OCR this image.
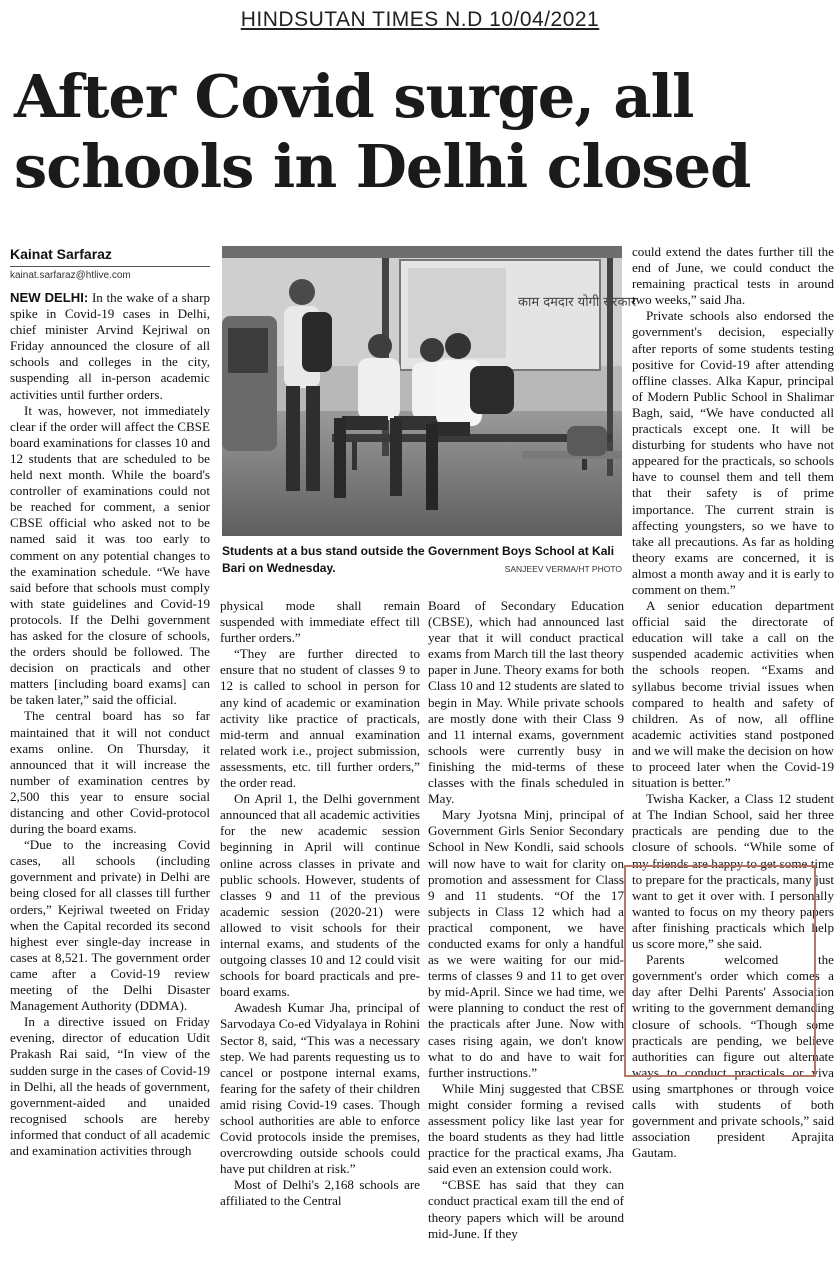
HINDSUTAN TIMES N.D 10/04/2021
After Covid surge, all schools in Delhi closed
Kainat Sarfaraz
kainat.sarfaraz@htlive.com

NEW DELHI: In the wake of a sharp spike in Covid-19 cases in Delhi, chief minister Arvind Kejriwal on Friday announced the closure of all schools and colleges in the city, suspending all in-person academic activities until further orders.

It was, however, not immediately clear if the order will affect the CBSE board examinations for classes 10 and 12 students that are scheduled to be held next month. While the board's controller of examinations could not be reached for comment, a senior CBSE official who asked not to be named said it was too early to comment on any potential changes to the examination schedule. “We have said before that schools must comply with state guidelines and Covid-19 protocols. If the Delhi government has asked for the closure of schools, the orders should be followed. The decision on practicals and other matters [including board exams] can be taken later,” said the official.

The central board has so far maintained that it will not conduct exams online. On Thursday, it announced that it will increase the number of examination centres by 2,500 this year to ensure social distancing and other Covid-protocol during the board exams.

“Due to the increasing Covid cases, all schools (including government and private) in Delhi are being closed for all classes till further orders,” Kejriwal tweeted on Friday when the Capital recorded its second highest ever single-day increase in cases at 8,521. The government order came after a Covid-19 review meeting of the Delhi Disaster Management Authority (DDMA).

In a directive issued on Friday evening, director of education Udit Prakash Rai said, “In view of the sudden surge in the cases of Covid-19 in Delhi, all the heads of government, government-aided and unaided recognised schools are hereby informed that conduct of all academic and examination activities through

काम दमदार योगी सरकार
Students at a bus stand outside the Government Boys School at Kali Bari on Wednesday.	SANJEEV VERMA/HT PHOTO

physical mode shall remain suspended with immediate effect till further orders.”

“They are further directed to ensure that no student of classes 9 to 12 is called to school in person for any kind of academic or examination activity like practice of practicals, mid-term and annual examination related work i.e., project submission, assessments, etc. till further orders,” the order read.

On April 1, the Delhi government announced that all academic activities for the new academic session beginning in April will continue online across classes in private and public schools. However, students of classes 9 and 11 of the previous academic session (2020-21) were allowed to visit schools for their internal exams, and students of the outgoing classes 10 and 12 could visit schools for board practicals and pre-board exams.

Awadesh Kumar Jha, principal of Sarvodaya Co-ed Vidyalaya in Rohini Sector 8, said, “This was a necessary step. We had parents requesting us to cancel or postpone internal exams, fearing for the safety of their children amid rising Covid-19 cases. Though school authorities are able to enforce Covid protocols inside the premises, overcrowding outside schools could have put children at risk.”

Most of Delhi's 2,168 schools are affiliated to the Central

Board of Secondary Education (CBSE), which had announced last year that it will conduct practical exams from March till the last theory paper in June. Theory exams for both Class 10 and 12 students are slated to begin in May. While private schools are mostly done with their Class 9 and 11 internal exams, government schools were currently busy in finishing the mid-terms of these classes with the finals scheduled in May.

Mary Jyotsna Minj, principal of Government Girls Senior Secondary School in New Kondli, said schools will now have to wait for clarity on promotion and assessment for Class 9 and 11 students. “Of the 17 subjects in Class 12 which had a practical component, we have conducted exams for only a handful as we were waiting for our mid-terms of classes 9 and 11 to get over by mid-April. Since we had time, we were planning to conduct the rest of the practicals after June. Now with cases rising again, we don't know what to do and have to wait for further instructions.”

While Minj suggested that CBSE might consider forming a revised assessment policy like last year for the board students as they had little practice for the practical exams, Jha said even an extension could work.

“CBSE has said that they can conduct practical exam till the end of theory papers which will be around mid-June. If they

could extend the dates further till the end of June, we could conduct the remaining practical tests in around two weeks,” said Jha.

Private schools also endorsed the government's decision, especially after reports of some students testing positive for Covid-19 after attending offline classes. Alka Kapur, principal of Modern Public School in Shalimar Bagh, said, “We have conducted all practicals except one. It will be disturbing for students who have not appeared for the practicals, so schools have to counsel them and tell them that their safety is of prime importance. The current strain is affecting youngsters, so we have to take all precautions. As far as holding theory exams are concerned, it is almost a month away and it is early to comment on them.”

A senior education department official said the directorate of education will take a call on the suspended academic activities when the schools reopen. “Exams and syllabus become trivial issues when compared to health and safety of children. As of now, all offline academic activities stand postponed and we will make the decision on how to proceed later when the Covid-19 situation is better.”

Twisha Kacker, a Class 12 student at The Indian School, said her three practicals are pending due to the closure of schools. “While some of my friends are happy to get some time to prepare for the practicals, many just want to get it over with. I personally wanted to focus on my theory papers after finishing practicals which help us score more,” she said.

Parents welcomed the government's order which comes a day after Delhi Parents' Association writing to the government demanding closure of schools. “Though some practicals are pending, we believe authorities can figure out alternate ways to conduct practicals or viva using smartphones or through voice calls with students of both government and private schools,” said association president Aprajita Gautam.
